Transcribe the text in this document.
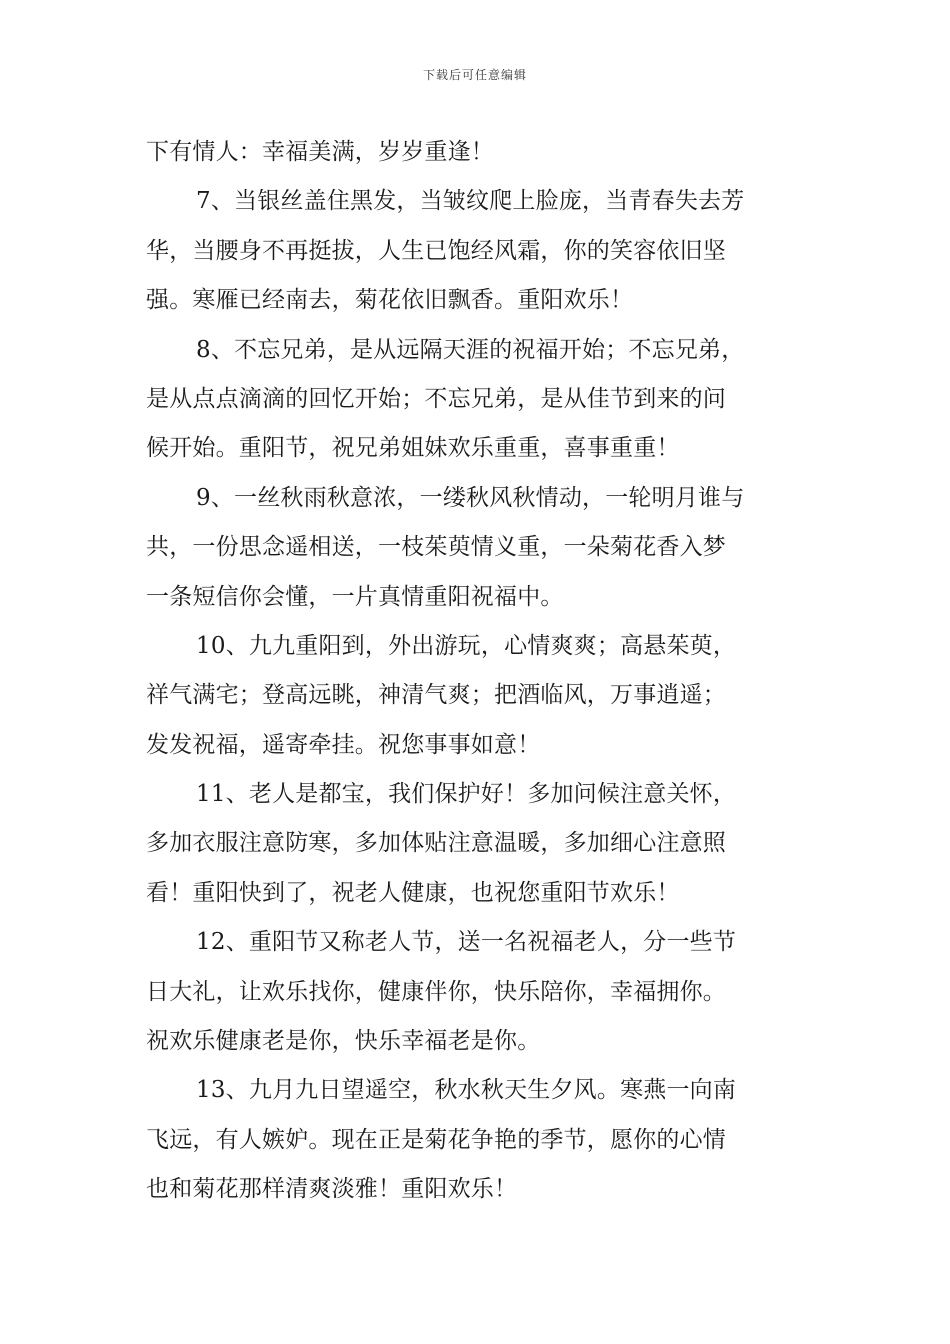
下载后可任意编辑
下有情人：幸福美满，岁岁重逢！
7、当银丝盖住黑发，当皱纹爬上脸庞，当青春失去芳
华，当腰身不再挺拔，人生已饱经风霜，你的笑容依旧坚
强。寒雁已经南去，菊花依旧飘香。重阳欢乐！
8、不忘兄弟，是从远隔天涯的祝福开始；不忘兄弟，
是从点点滴滴的回忆开始；不忘兄弟，是从佳节到来的问
候开始。重阳节，祝兄弟姐妹欢乐重重，喜事重重！
9、一丝秋雨秋意浓，一缕秋风秋情动，一轮明月谁与
共，一份思念遥相送，一枝茱萸情义重，一朵菊花香入梦
一条短信你会懂，一片真情重阳祝福中。
10、九九重阳到，外出游玩，心情爽爽；高悬茱萸，
祥气满宅；登高远眺，神清气爽；把酒临风，万事逍遥；
发发祝福，遥寄牵挂。祝您事事如意！
11、老人是都宝，我们保护好！多加问候注意关怀，
多加衣服注意防寒，多加体贴注意温暖，多加细心注意照
看！重阳快到了，祝老人健康，也祝您重阳节欢乐！
12、重阳节又称老人节，送一名祝福老人，分一些节
日大礼，让欢乐找你，健康伴你，快乐陪你，幸福拥你。
祝欢乐健康老是你，快乐幸福老是你。
13、九月九日望遥空，秋水秋天生夕风。寒燕一向南
飞远，有人嫉妒。现在正是菊花争艳的季节，愿你的心情
也和菊花那样清爽淡雅！重阳欢乐！
